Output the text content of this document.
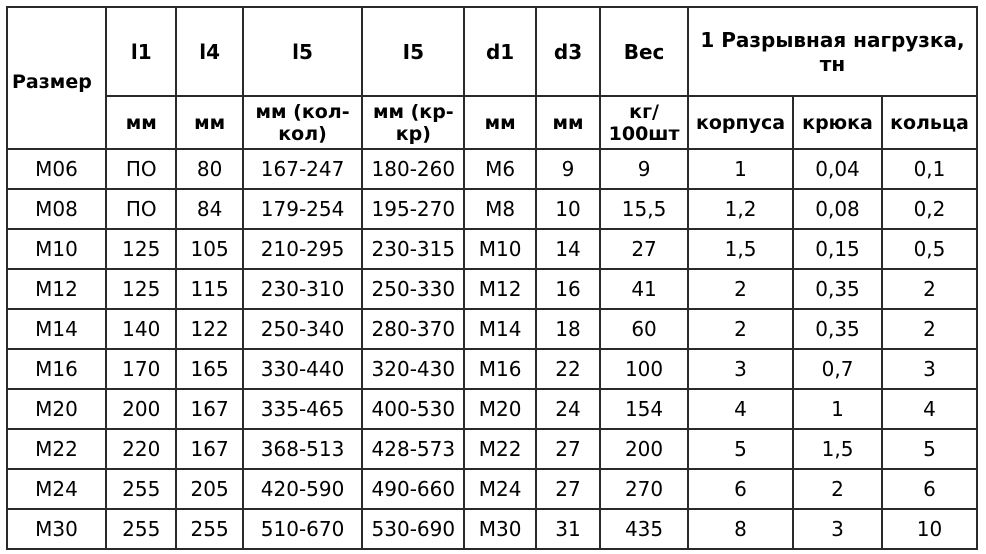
Размер	l1	l4	l5	I5	d1	d3	Вес	1 Разрывная нагрузка, тн		
	мм	мм	мм (кол-кол)	мм (кр-кр)	мм	мм	кг/ 100шт	корпуса	крюка	кольца
М06	ПО	80	167-247	180-260	М6	9	9	1	0,04	0,1
М08	ПО	84	179-254	195-270	М8	10	15,5	1,2	0,08	0,2
М10	125	105	210-295	230-315	М10	14	27	1,5	0,15	0,5
М12	125	115	230-310	250-330	М12	16	41	2	0,35	2
М14	140	122	250-340	280-370	М14	18	60	2	0,35	2
М16	170	165	330-440	320-430	М16	22	100	3	0,7	3
М20	200	167	335-465	400-530	М20	24	154	4	1	4
М22	220	167	368-513	428-573	М22	27	200	5	1,5	5
М24	255	205	420-590	490-660	М24	27	270	6	2	6
М30	255	255	510-670	530-690	М30	31	435	8	3	10
